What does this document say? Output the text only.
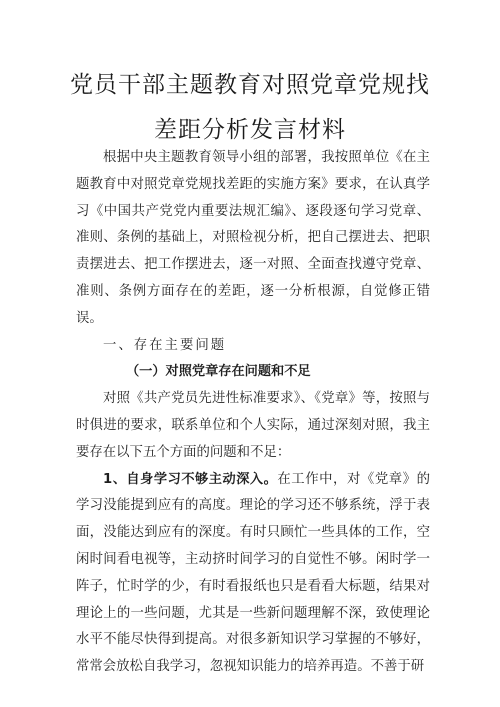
党员干部主题教育对照党章党规找
差距分析发言材料

根据中央主题教育领导小组的部署，我按照单位《在主题教育中对照党章党规找差距的实施方案》要求，在认真学习《中国共产党党内重要法规汇编》、逐段逐句学习党章、准则、条例的基础上，对照检视分析，把自己摆进去、把职责摆进去、把工作摆进去，逐一对照、全面查找遵守党章、准则、条例方面存在的差距，逐一分析根源，自觉修正错误。

一、存在主要问题

（一）对照党章存在问题和不足

对照《共产党员先进性标准要求》、《党章》等，按照与时俱进的要求，联系单位和个人实际，通过深刻对照，我主要存在以下五个方面的问题和不足：

1、自身学习不够主动深入。在工作中，对《党章》的学习没能提到应有的高度。理论的学习还不够系统，浮于表面，没能达到应有的深度。有时只顾忙一些具体的工作，空闲时间看电视等，主动挤时间学习的自觉性不够。闲时学一阵子，忙时学的少，有时看报纸也只是看看大标题，结果对理论上的一些问题，尤其是一些新问题理解不深，致使理论水平不能尽快得到提高。对很多新知识学习掌握的不够好，常常会放松自我学习，忽视知识能力的培养再造。不善于研
